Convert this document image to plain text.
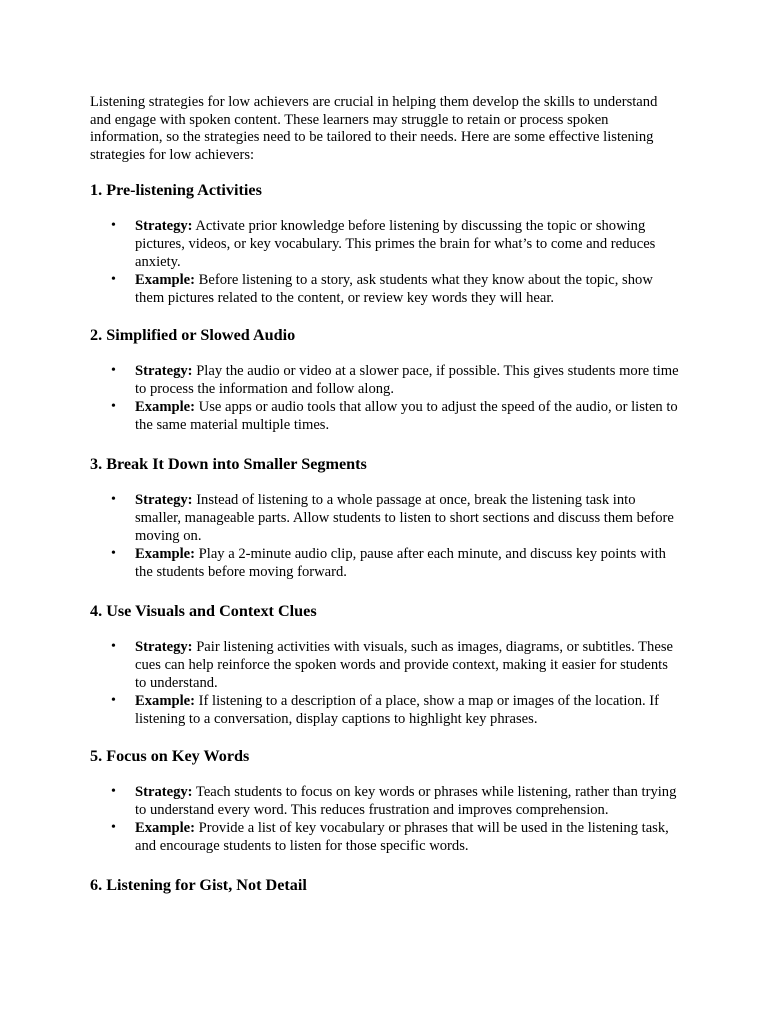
Listening strategies for low achievers are crucial in helping them develop the skills to understand and engage with spoken content. These learners may struggle to retain or process spoken information, so the strategies need to be tailored to their needs. Here are some effective listening strategies for low achievers:

1. Pre-listening Activities
• Strategy: Activate prior knowledge before listening by discussing the topic or showing pictures, videos, or key vocabulary. This primes the brain for what’s to come and reduces anxiety.
• Example: Before listening to a story, ask students what they know about the topic, show them pictures related to the content, or review key words they will hear.
2. Simplified or Slowed Audio
• Strategy: Play the audio or video at a slower pace, if possible. This gives students more time to process the information and follow along.
• Example: Use apps or audio tools that allow you to adjust the speed of the audio, or listen to the same material multiple times.
3. Break It Down into Smaller Segments
• Strategy: Instead of listening to a whole passage at once, break the listening task into smaller, manageable parts. Allow students to listen to short sections and discuss them before moving on.
• Example: Play a 2-minute audio clip, pause after each minute, and discuss key points with the students before moving forward.
4. Use Visuals and Context Clues
• Strategy: Pair listening activities with visuals, such as images, diagrams, or subtitles. These cues can help reinforce the spoken words and provide context, making it easier for students to understand.
• Example: If listening to a description of a place, show a map or images of the location. If listening to a conversation, display captions to highlight key phrases.
5. Focus on Key Words
• Strategy: Teach students to focus on key words or phrases while listening, rather than trying to understand every word. This reduces frustration and improves comprehension.
• Example: Provide a list of key vocabulary or phrases that will be used in the listening task, and encourage students to listen for those specific words.
6. Listening for Gist, Not Detail
